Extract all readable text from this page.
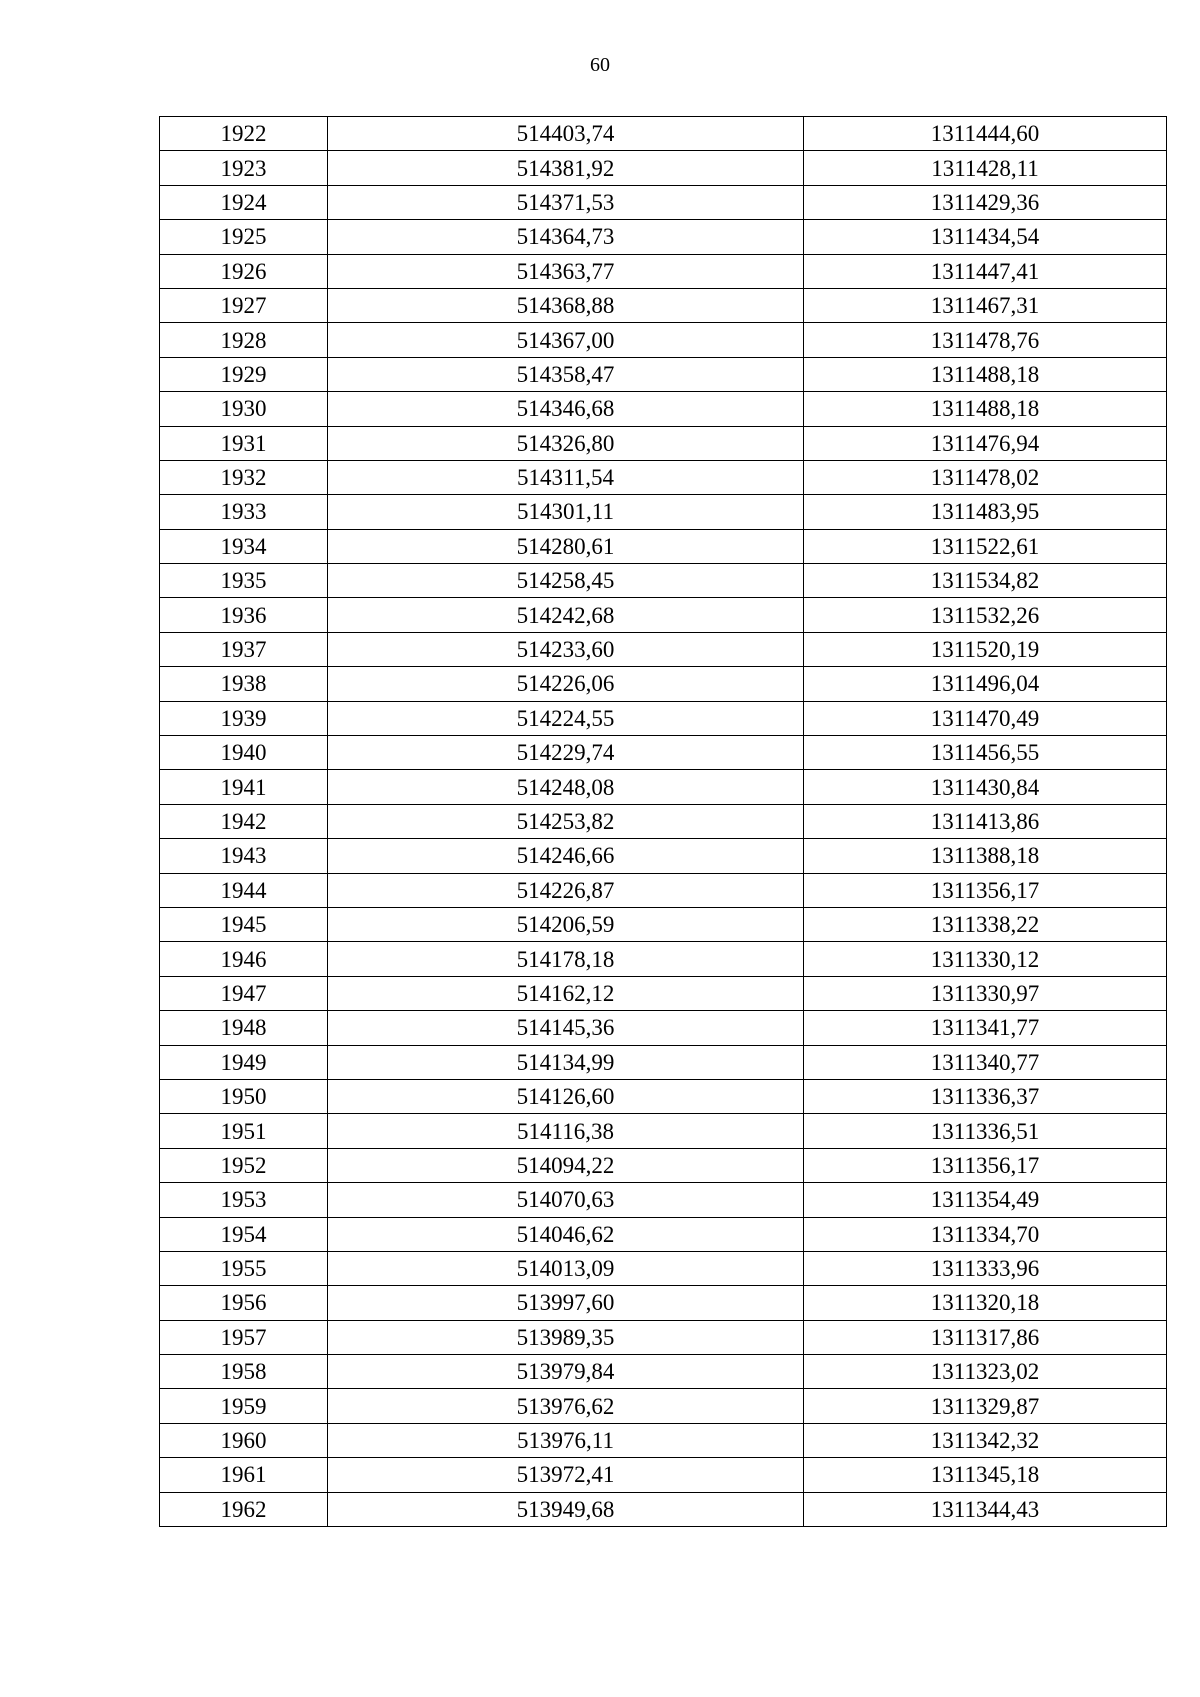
60
1922	514403,74	1311444,60
1923	514381,92	1311428,11
1924	514371,53	1311429,36
1925	514364,73	1311434,54
1926	514363,77	1311447,41
1927	514368,88	1311467,31
1928	514367,00	1311478,76
1929	514358,47	1311488,18
1930	514346,68	1311488,18
1931	514326,80	1311476,94
1932	514311,54	1311478,02
1933	514301,11	1311483,95
1934	514280,61	1311522,61
1935	514258,45	1311534,82
1936	514242,68	1311532,26
1937	514233,60	1311520,19
1938	514226,06	1311496,04
1939	514224,55	1311470,49
1940	514229,74	1311456,55
1941	514248,08	1311430,84
1942	514253,82	1311413,86
1943	514246,66	1311388,18
1944	514226,87	1311356,17
1945	514206,59	1311338,22
1946	514178,18	1311330,12
1947	514162,12	1311330,97
1948	514145,36	1311341,77
1949	514134,99	1311340,77
1950	514126,60	1311336,37
1951	514116,38	1311336,51
1952	514094,22	1311356,17
1953	514070,63	1311354,49
1954	514046,62	1311334,70
1955	514013,09	1311333,96
1956	513997,60	1311320,18
1957	513989,35	1311317,86
1958	513979,84	1311323,02
1959	513976,62	1311329,87
1960	513976,11	1311342,32
1961	513972,41	1311345,18
1962	513949,68	1311344,43
